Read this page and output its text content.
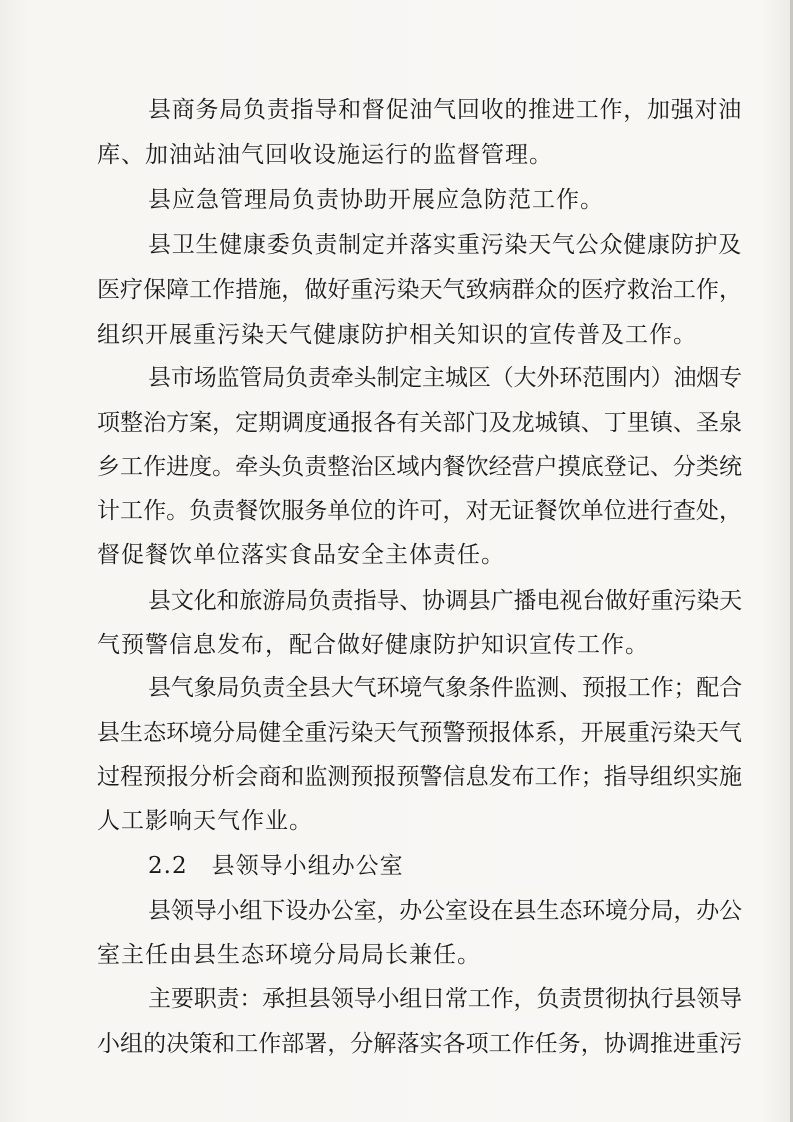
县商务局负责指导和督促油气回收的推进工作，加强对油
库、加油站油气回收设施运行的监督管理。
县应急管理局负责协助开展应急防范工作。
县卫生健康委负责制定并落实重污染天气公众健康防护及
医疗保障工作措施，做好重污染天气致病群众的医疗救治工作，
组织开展重污染天气健康防护相关知识的宣传普及工作。
县市场监管局负责牵头制定主城区（大外环范围内）油烟专
项整治方案，定期调度通报各有关部门及龙城镇、丁里镇、圣泉
乡工作进度。牵头负责整治区域内餐饮经营户摸底登记、分类统
计工作。负责餐饮服务单位的许可，对无证餐饮单位进行查处，
督促餐饮单位落实食品安全主体责任。
县文化和旅游局负责指导、协调县广播电视台做好重污染天
气预警信息发布，配合做好健康防护知识宣传工作。
县气象局负责全县大气环境气象条件监测、预报工作；配合
县生态环境分局健全重污染天气预警预报体系，开展重污染天气
过程预报分析会商和监测预报预警信息发布工作；指导组织实施
人工影响天气作业。
2.2　县领导小组办公室
县领导小组下设办公室，办公室设在县生态环境分局，办公
室主任由县生态环境分局局长兼任。
主要职责：承担县领导小组日常工作，负责贯彻执行县领导
小组的决策和工作部署，分解落实各项工作任务，协调推进重污
